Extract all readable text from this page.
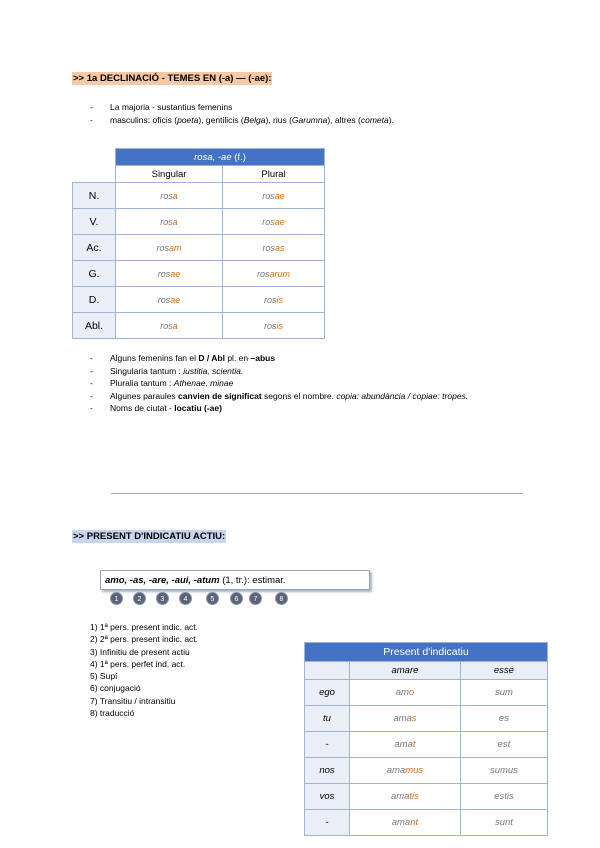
>> 1a DECLINACIÓ - TEMES EN (-a) — (-ae):
- La majoria - sustantius femenins
- masculins: oficis (poeta), gentilicis (Belga), rius (Garumna), altres (cometa).
	rosa, -ae (f.)	
	Singular	Plural
N.	rosa	rosae
V.	rosa	rosae
Ac.	rosam	rosas
G.	rosae	rosarum
D.	rosae	rosis
Abl.	rosa	rosis
- Alguns femenins fan el D / Abl pl. en –abus
- Singularia tantum : iustitia, scientia.
- Pluralia tantum : Athenae, minae
- Algunes paraules canvien de significat segons el nombre. copia: abundància / copiae: tropes.
- Noms de ciutat - locatiu (-ae)
>> PRESENT D'INDICATIU ACTIU:
amo, -as, -are, -aui, -atum (1, tr.): estimar.
1	2	3	4	5	6	7	8
1) 1ª pers. present indic. act.
2) 2ª pers. present indic. act.
3) Infinitiu de present actiu
4) 1ª pers. perfet ind. act.
5) Supí
6) conjugació
7) Transitiu / intransitiu
8) traducció
Present d'indicatiu		
	amare	esse
ego	amo	sum
tu	amas	es
-	amat	est
nos	amamus	sumus
vos	amatis	estis
-	amant	sunt
